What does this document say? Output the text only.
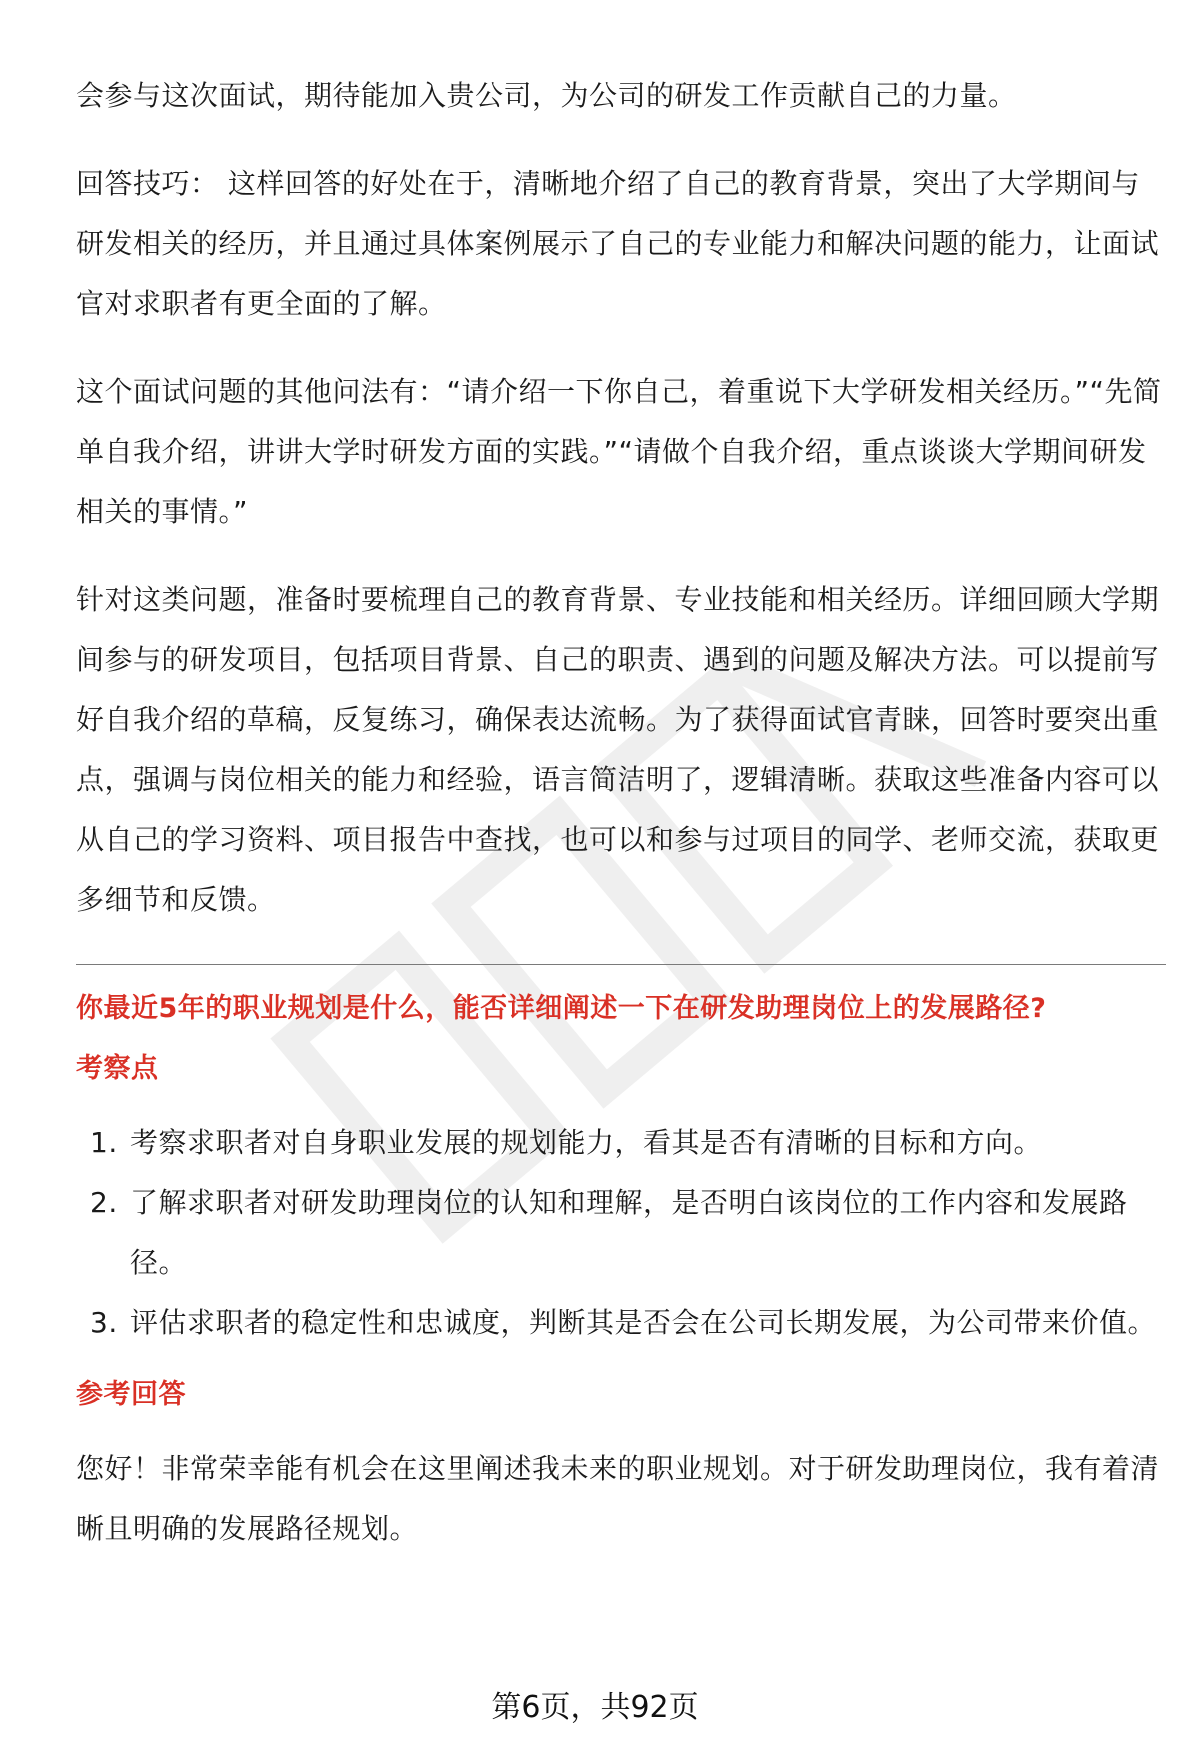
会参与这次面试，期待能加入贵公司，为公司的研发工作贡献自己的力量。

回答技巧： 这样回答的好处在于，清晰地介绍了自己的教育背景，突出了大学期间与研发相关的经历，并且通过具体案例展示了自己的专业能力和解决问题的能力，让面试官对求职者有更全面的了解。

这个面试问题的其他问法有：“请介绍一下你自己，着重说下大学研发相关经历。”“先简单自我介绍，讲讲大学时研发方面的实践。”“请做个自我介绍，重点谈谈大学期间研发相关的事情。”

针对这类问题，准备时要梳理自己的教育背景、专业技能和相关经历。详细回顾大学期间参与的研发项目，包括项目背景、自己的职责、遇到的问题及解决方法。可以提前写好自我介绍的草稿，反复练习，确保表达流畅。为了获得面试官青睐，回答时要突出重点，强调与岗位相关的能力和经验，语言简洁明了，逻辑清晰。获取这些准备内容可以从自己的学习资料、项目报告中查找，也可以和参与过项目的同学、老师交流，获取更多细节和反馈。

你最近5年的职业规划是什么，能否详细阐述一下在研发助理岗位上的发展路径?

考察点

1. 考察求职者对自身职业发展的规划能力，看其是否有清晰的目标和方向。
2. 了解求职者对研发助理岗位的认知和理解，是否明白该岗位的工作内容和发展路径。
3. 评估求职者的稳定性和忠诚度，判断其是否会在公司长期发展，为公司带来价值。

参考回答

您好！非常荣幸能有机会在这里阐述我未来的职业规划。对于研发助理岗位，我有着清晰且明确的发展路径规划。

第6页，共92页
